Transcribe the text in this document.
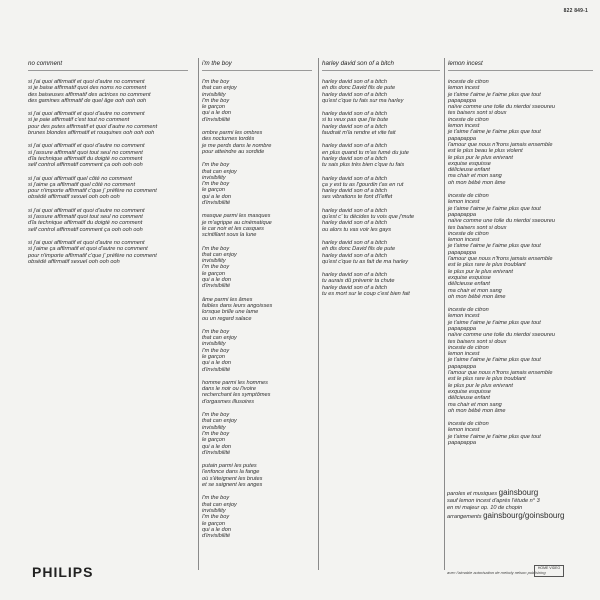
822 849-1
no comment
si j'ai quoi affirmatif et quoi d'autre no comment
si je baise affirmatif quoi des noms no comment
des baiseuses affirmatif des actrices no comment
des gamines affirmatif de quel âge ooh ooh ooh
si j'ai quoi affirmatif et quoi d'autre no comment
si je paie affirmatif c'est tout no comment
pour des putes affirmatif et quoi d'autre no comment
brunes blondes affirmatif et rouquines ooh ooh ooh
si j'ai quoi affirmatif et quoi d'autre no comment
si j'assure affirmatif quoi tout seul no comment
d'la technique affirmatif du doigté no comment
self control affirmatif comment ça ooh ooh ooh
si j'ai quoi affirmatif quel côté no comment
si j'aime ça affirmatif quel côté no comment
pour n'importe affirmatif c'que j' préfère no comment
obsédé affirmatif sexuel ooh ooh ooh
si j'ai quoi affirmatif et quoi d'autre no comment
si j'assure affirmatif quoi tout seul no comment
d'la technique affirmatif du doigté no comment
self control affirmatif comment ça ooh ooh ooh
si j'ai quoi affirmatif et quoi d'autre no comment
si j'aime ça affirmatif et quoi d'autre no comment
pour n'importe affirmatif c'que j' préfère no comment
obsédé affirmatif sexuel ooh ooh ooh
i'm the boy
I'm the boy
that can enjoy
invisibility
I'm the boy
le garçon
qui a le don
d'invisibilité
ombre parmi les ombres
des nocturnes tordés
je me perds dans le nombre
pour atteindre au sordide
I'm the boy
that can enjoy
invisibility
I'm the boy
le garçon
qui a le don
d'invisibilité
masque parmi les masques
je m'agrippe au cinématique
le car noir et les casques
scintillant sous la lune
I'm the boy
that can enjoy
invisibility
I'm the boy
le garçon
qui a le don
d'invisibilité
âme parmi les âmes
faibles dans leurs angoisses
lorsque brille une lame
ou un regard salace
I'm the boy
that can enjoy
invisibility
I'm the boy
le garçon
qui a le don
d'invisibilité
homme parmi les hommes
dans le noir ou l'ivoire
recherchant les symptômes
d'orgasmes illusoires
I'm the boy
that can enjoy
invisibility
I'm the boy
le garçon
qui a le don
d'invisibilité
putain parmi les putes
l'enfonce dans la fange
où s'éteignent les brutes
et se saignent les anges
I'm the boy
that can enjoy
invisibility
I'm the boy
le garçon
qui a le don
d'invisibilité
harley david son of a bitch
harley david son of a bitch
eh dis donc David fils de pute
harley david son of a bitch
qu'est c'que tu fais sur ma harley
harley david son of a bitch
si tu veux pas que j'te bute
harley david son of a bitch
faudrait m'la rendre et vite fait
harley david son of a bitch
en plus quand tu m'as fumé du jute
harley david son of a bitch
tu sais plus très bien c'que tu fais
harley david son of a bitch
ça y est tu as l'gourdin t'as en rut
harley david son of a bitch
ses vibrations te font d'l'effet
harley david son of a bitch
qu'est c' tu décides tu vois que j'mute
harley david son of a bitch
ou alors tu vas voir les gays
harley david son of a bitch
eh dis donc David fils de pute
harley david son of a bitch
qu'est c'que tu as fait de ma harley
harley david son of a bitch
tu aurais dû prévenir ta chute
harley david son of a bitch
tu es mort sur le coup c'est bien fait
lemon incest
inceste de citron
lemon incest
je t'aime t'aime je t'aime plus que tout
papapappa
naïve comme une toile du nierdoi sseoureu
tes baisers sont si doux
inceste de citron
lemon incest
je t'aime t'aime je t'aime plus que tout
papapappa
l'amour que nous n'frons jamais ensemble
est le plus beau le plus violent
le plus pur le plus enivrant
exquise esquisse
délicieuse enfant
ma chair et mon sang
oh mon bébé mon âme
inceste de citron
lemon incest
je t'aime t'aime je t'aime plus que tout
papapappa
naïve comme une toile du nierdoi sseoureu
tes baisers sont si doux
inceste de citron
lemon incest
je t'aime t'aime je t'aime plus que tout
papapappa
l'amour que nous n'frons jamais ensemble
est le plus rare le plus troublant
le plus pur le plus enivrant
exquise esquisse
délicieuse enfant
ma chair et mon sang
oh mon bébé mon âme
inceste de citron
lemon incest
je t'aime t'aime je t'aime plus que tout
papapappa
naïve comme une toile du nierdoi sseoureu
tes baisers sont si doux
inceste de citron
lemon incest
je t'aime t'aime je t'aime plus que tout
papapappa
l'amour que nous n'frons jamais ensemble
est le plus rare le plus troublant
le plus pur le plus enivrant
exquise esquisse
délicieuse enfant
ma chair et mon sang
oh mon bébé mon âme
inceste de citron
lemon incest
je t'aime t'aime je t'aime plus que tout
papapappa
paroles et musiques gainsbourg
sauf lemon incest d'après l'étude n° 3
en mi majeur op. 10 de chopin
arrangements gainsbourg/goinsbourg
avec l'aimable autorisation de melody nelson publishing
HOME VIDEO
PHILIPS
